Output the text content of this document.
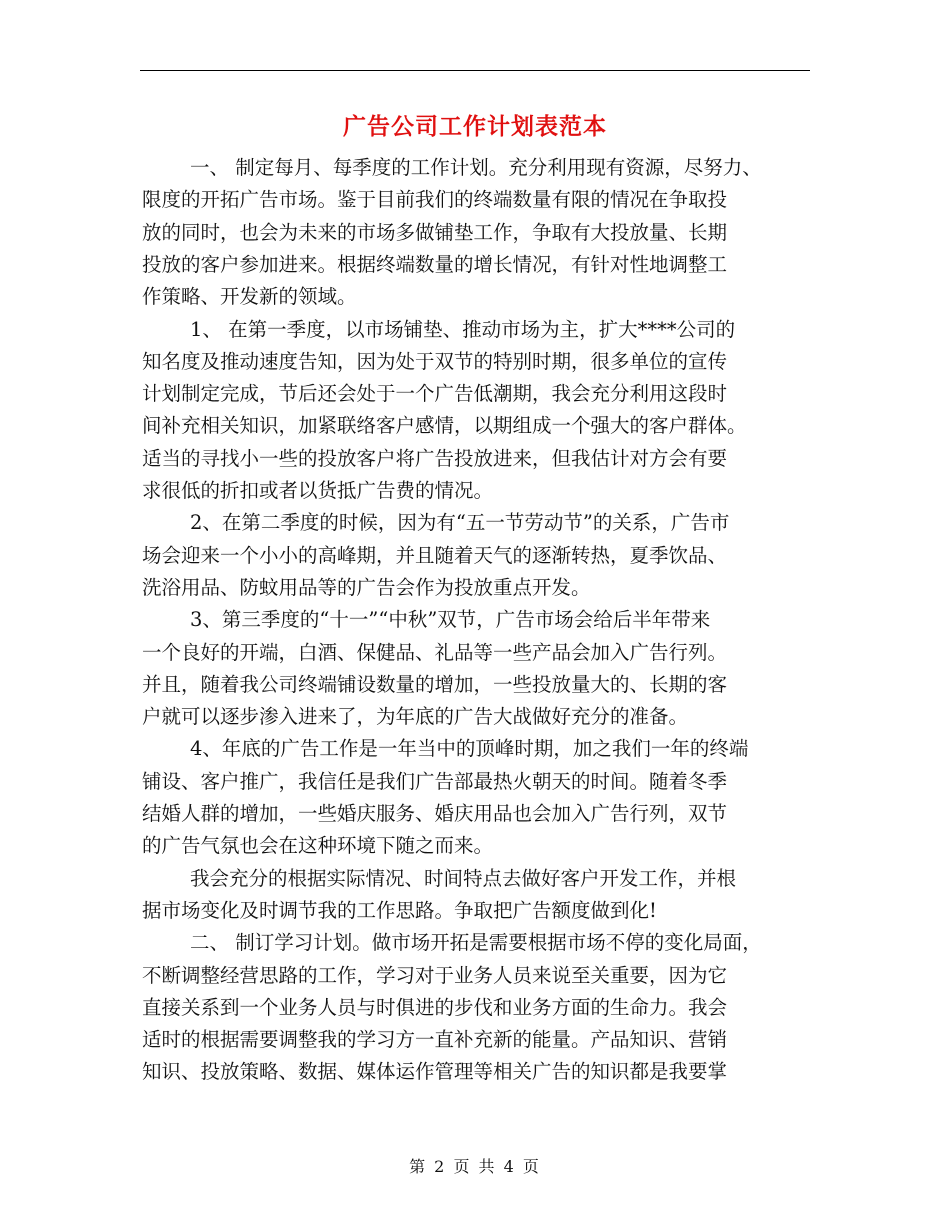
广告公司工作计划表范本

一、 制定每月、每季度的工作计划。充分利用现有资源，尽努力、

限度的开拓广告市场。鉴于目前我们的终端数量有限的情况在争取投

放的同时，也会为未来的市场多做铺垫工作，争取有大投放量、长期

投放的客户参加进来。根据终端数量的增长情况，有针对性地调整工

作策略、开发新的领域。

1、 在第一季度，以市场铺垫、推动市场为主，扩大****公司的

知名度及推动速度告知，因为处于双节的特别时期，很多单位的宣传

计划制定完成，节后还会处于一个广告低潮期，我会充分利用这段时

间补充相关知识，加紧联络客户感情，以期组成一个强大的客户群体。

适当的寻找小一些的投放客户将广告投放进来，但我估计对方会有要

求很低的折扣或者以货抵广告费的情况。

2、在第二季度的时候，因为有“五一节劳动节”的关系，广告市

场会迎来一个小小的高峰期，并且随着天气的逐渐转热，夏季饮品、

洗浴用品、防蚊用品等的广告会作为投放重点开发。

3、第三季度的“十一”“中秋”双节，广告市场会给后半年带来

一个良好的开端，白酒、保健品、礼品等一些产品会加入广告行列。

并且，随着我公司终端铺设数量的增加，一些投放量大的、长期的客

户就可以逐步渗入进来了，为年底的广告大战做好充分的准备。

4、年底的广告工作是一年当中的顶峰时期，加之我们一年的终端

铺设、客户推广，我信任是我们广告部最热火朝天的时间。随着冬季

结婚人群的增加，一些婚庆服务、婚庆用品也会加入广告行列，双节

的广告气氛也会在这种环境下随之而来。

我会充分的根据实际情况、时间特点去做好客户开发工作，并根

据市场变化及时调节我的工作思路。争取把广告额度做到化!

二、 制订学习计划。做市场开拓是需要根据市场不停的变化局面，

不断调整经营思路的工作，学习对于业务人员来说至关重要，因为它

直接关系到一个业务人员与时俱进的步伐和业务方面的生命力。我会

适时的根据需要调整我的学习方一直补充新的能量。产品知识、营销

知识、投放策略、数据、媒体运作管理等相关广告的知识都是我要掌

第 2 页 共 4 页
